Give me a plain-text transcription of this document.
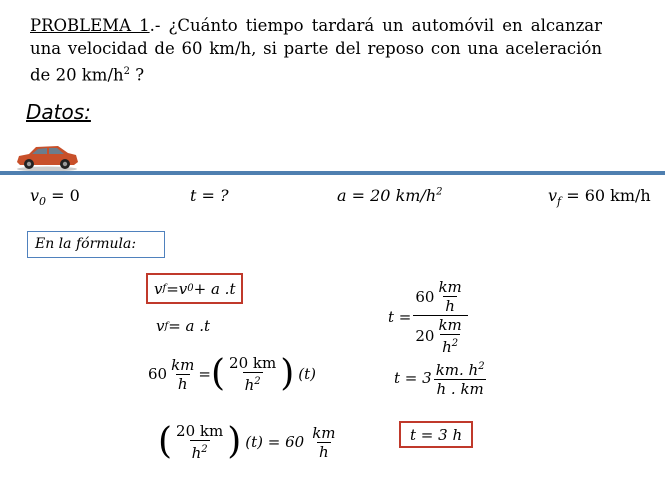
PROBLEMA 1.- ¿Cuánto tiempo tardará un automóvil en alcanzar una velocidad de 60 km/h, si parte del reposo con una aceleración de 20 $km/h^2$ ?
Datos:
$v_0 = 0$	t = ?	a = 20 $km/h^2$	$v_f = 60$ km/h
En la fórmula:
v f = v 0 + a .t
v f = a .t
$60 \frac{km}{h}$ = ( $\frac{20 km}{h^2}$ ) (t)
( $\frac{20 km}{h^2}$ ) $(t) = 60 \frac{km}{h}$
$t = \frac{60 \frac{km}{h}}{20 \frac{km}{h^2}}$
$t = 3 \frac{km. h^2}{h . km}$
t = 3 h
